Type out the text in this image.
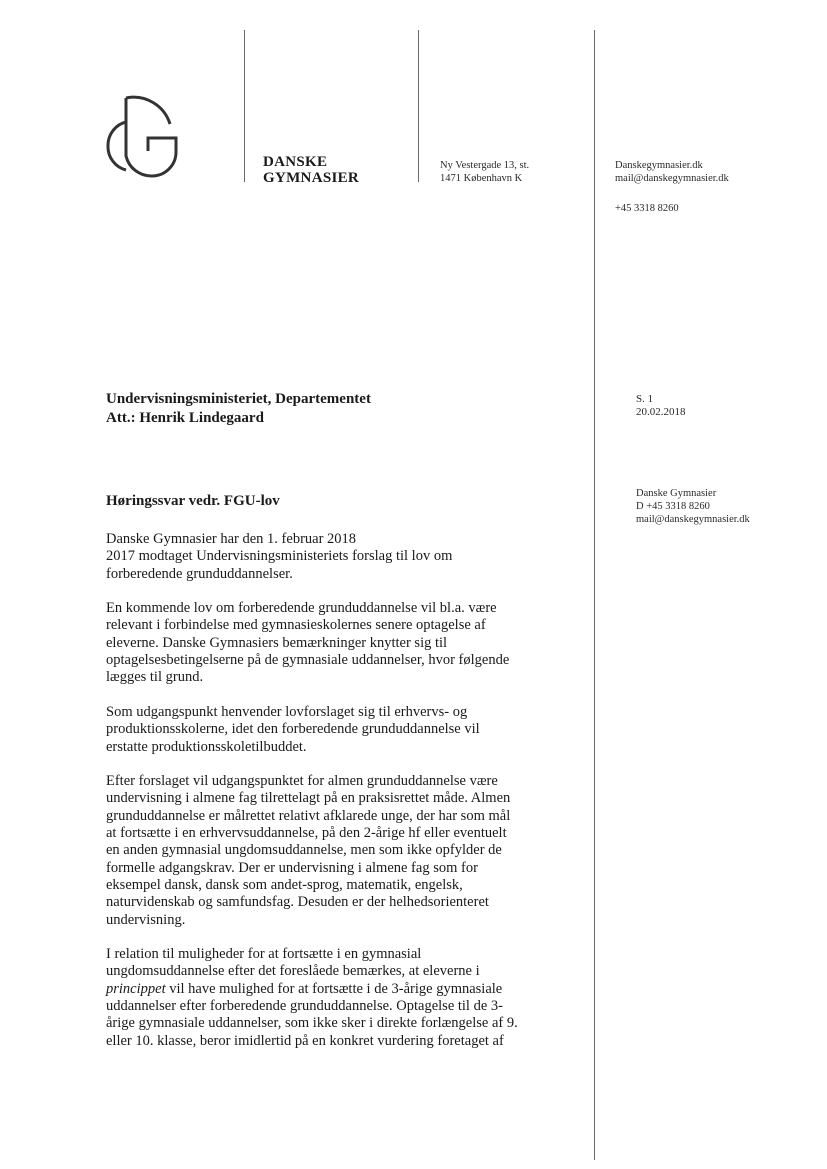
DANSKE
GYMNASIER
Ny Vestergade 13, st.
1471 København K
Danskegymnasier.dk
mail@danskegymnasier.dk
+45 3318 8260
Undervisningsministeriet, Departementet
Att.: Henrik Lindegaard
S. 1
20.02.2018
Danske Gymnasier
D +45 3318 8260
mail@danskegymnasier.dk
Høringssvar vedr. FGU-lov

Danske Gymnasier har den 1. februar 2018
2017 modtaget Undervisningsministeriets forslag til lov om
forberedende grunduddannelser.

En kommende lov om forberedende grunduddannelse vil bl.a. være
relevant i forbindelse med gymnasieskolernes senere optagelse af
eleverne. Danske Gymnasiers bemærkninger knytter sig til
optagelsesbetingelserne på de gymnasiale uddannelser, hvor følgende
lægges til grund.

Som udgangspunkt henvender lovforslaget sig til erhvervs- og
produktionsskolerne, idet den forberedende grunduddannelse vil
erstatte produktionsskoletilbuddet.

Efter forslaget vil udgangspunktet for almen grunduddannelse være
undervisning i almene fag tilrettelagt på en praksisrettet måde. Almen
grunduddannelse er målrettet relativt afklarede unge, der har som mål
at fortsætte i en erhvervsuddannelse, på den 2-årige hf eller eventuelt
en anden gymnasial ungdomsuddannelse, men som ikke opfylder de
formelle adgangskrav. Der er undervisning i almene fag som for
eksempel dansk, dansk som andet-sprog, matematik, engelsk,
naturvidenskab og samfundsfag. Desuden er der helhedsorienteret
undervisning.

I relation til muligheder for at fortsætte i en gymnasial
ungdomsuddannelse efter det foreslåede bemærkes, at eleverne i
princippet vil have mulighed for at fortsætte i de 3-årige gymnasiale
uddannelser efter forberedende grunduddannelse. Optagelse til de 3-
årige gymnasiale uddannelser, som ikke sker i direkte forlængelse af 9.
eller 10. klasse, beror imidlertid på en konkret vurdering foretaget af
